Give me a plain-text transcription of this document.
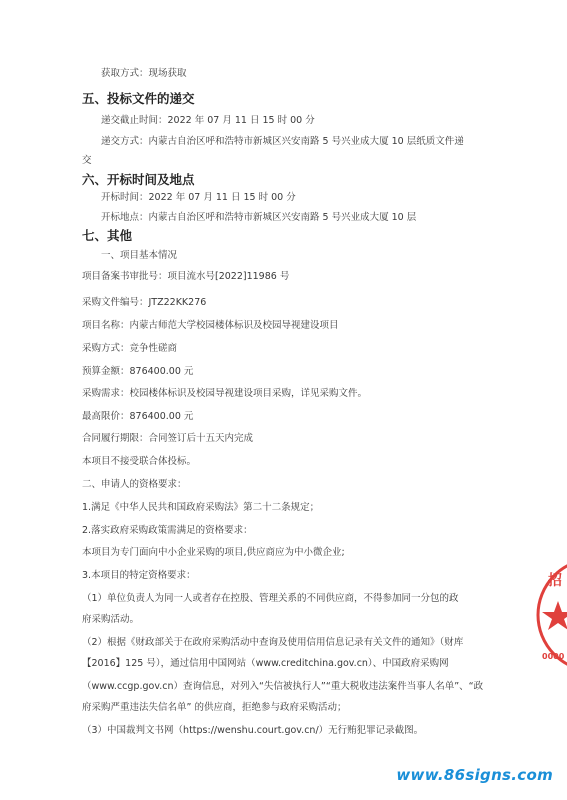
获取方式：现场获取
五、投标文件的递交
递交截止时间：2022 年 07 月 11 日 15 时 00 分
递交方式：内蒙古自治区呼和浩特市新城区兴安南路 5 号兴业成大厦 10 层纸质文件递
交
六、开标时间及地点
开标时间：2022 年 07 月 11 日 15 时 00 分
开标地点：内蒙古自治区呼和浩特市新城区兴安南路 5 号兴业成大厦 10 层
七、其他
一、项目基本情况
项目备案书审批号：项目流水号[2022]11986 号
采购文件编号：JTZ22KK276
项目名称：内蒙古师范大学校园楼体标识及校园导视建设项目
采购方式：竞争性磋商
预算金额：876400.00 元
采购需求：校园楼体标识及校园导视建设项目采购，详见采购文件。
最高限价：876400.00 元
合同履行期限：合同签订后十五天内完成
本项目不接受联合体投标。
二、申请人的资格要求：
1.满足《中华人民共和国政府采购法》第二十二条规定；
2.落实政府采购政策需满足的资格要求：
本项目为专门面向中小企业采购的项目,供应商应为中小微企业;
3.本项目的特定资格要求：
（1）单位负责人为同一人或者存在控股、管理关系的不同供应商，不得参加同一分包的政
府采购活动。
（2）根据《财政部关于在政府采购活动中查询及使用信用信息记录有关文件的通知》（财库
【2016】125 号），通过信用中国网站（www.creditchina.gov.cn）、中国政府采购网
（www.ccgp.gov.cn）查询信息，对列入“失信被执行人”“重大税收违法案件当事人名单”、“政
府采购严重违法失信名单” 的供应商，拒绝参与政府采购活动；
（3）中国裁判文书网（https://wenshu.court.gov.cn/）无行贿犯罪记录截图。
招
0000
www.86signs.com
